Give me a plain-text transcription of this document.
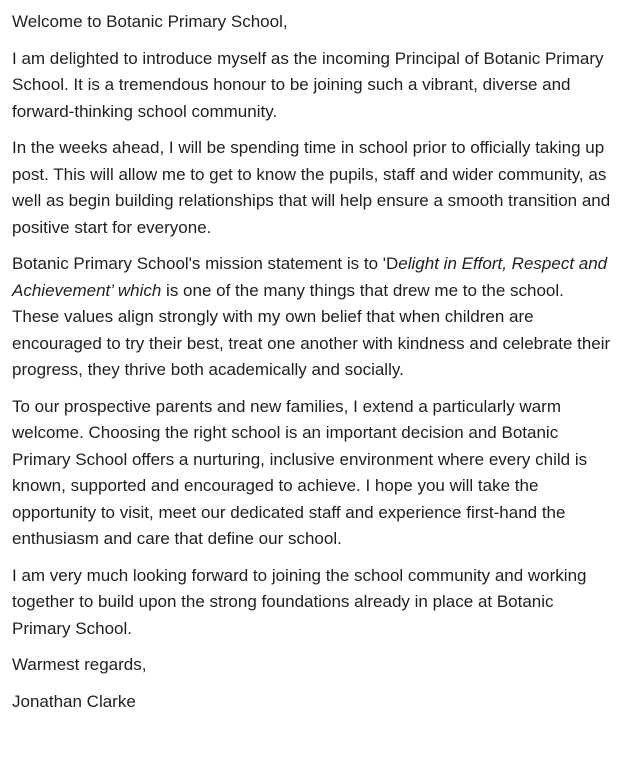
Welcome to Botanic Primary School,

I am delighted to introduce myself as the incoming Principal of Botanic Primary School. It is a tremendous honour to be joining such a vibrant, diverse and forward-thinking school community.

In the weeks ahead, I will be spending time in school prior to officially taking up post. This will allow me to get to know the pupils, staff and wider community, as well as begin building relationships that will help ensure a smooth transition and positive start for everyone.

Botanic Primary School's mission statement is to 'Delight in Effort, Respect and Achievement’ which is one of the many things that drew me to the school. These values align strongly with my own belief that when children are encouraged to try their best, treat one another with kindness and celebrate their progress, they thrive both academically and socially.

To our prospective parents and new families, I extend a particularly warm welcome. Choosing the right school is an important decision and Botanic Primary School offers a nurturing, inclusive environment where every child is known, supported and encouraged to achieve. I hope you will take the opportunity to visit, meet our dedicated staff and experience first-hand the enthusiasm and care that define our school.

I am very much looking forward to joining the school community and working together to build upon the strong foundations already in place at Botanic Primary School.

Warmest regards,

Jonathan Clarke
